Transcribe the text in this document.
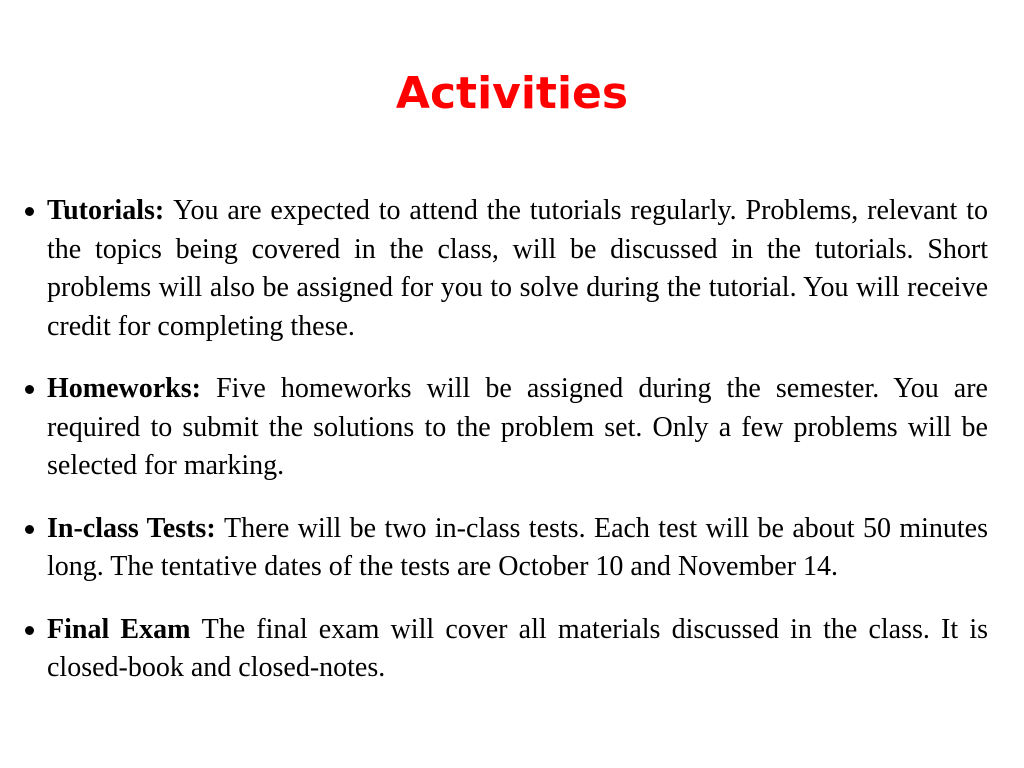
Activities
Tutorials: You are expected to attend the tutorials regularly. Problems, relevant to the topics being covered in the class, will be discussed in the tutorials. Short problems will also be assigned for you to solve during the tutorial. You will receive credit for completing these.
Homeworks: Five homeworks will be assigned during the semester. You are required to submit the solutions to the problem set. Only a few problems will be selected for marking.
In-class Tests: There will be two in-class tests. Each test will be about 50 minutes long. The tentative dates of the tests are October 10 and November 14.
Final Exam The final exam will cover all materials discussed in the class. It is closed-book and closed-notes.
